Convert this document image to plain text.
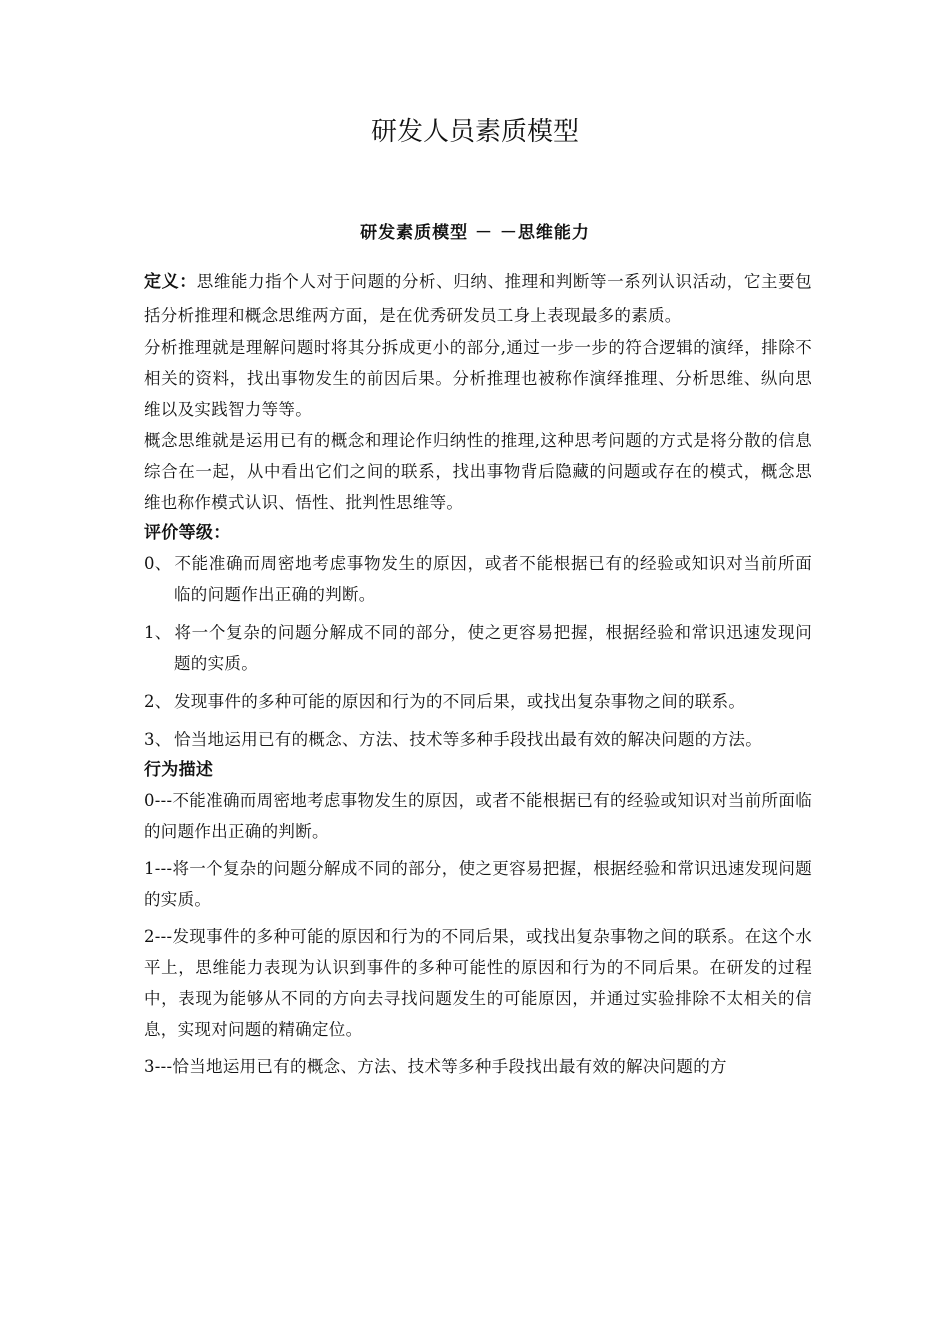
研发人员素质模型
研发素质模型 － －思维能力

定义：思维能力指个人对于问题的分析、归纳、推理和判断等一系列认识活动，它主要包括分析推理和概念思维两方面，是在优秀研发员工身上表现最多的素质。

分析推理就是理解问题时将其分拆成更小的部分,通过一步一步的符合逻辑的演绎，排除不相关的资料，找出事物发生的前因后果。分析推理也被称作演绎推理、分析思维、纵向思维以及实践智力等等。

概念思维就是运用已有的概念和理论作归纳性的推理,这种思考问题的方式是将分散的信息综合在一起，从中看出它们之间的联系，找出事物背后隐藏的问题或存在的模式，概念思维也称作模式认识、悟性、批判性思维等。

评价等级：

0、 不能准确而周密地考虑事物发生的原因，或者不能根据已有的经验或知识对当前所面临的问题作出正确的判断。

1、 将一个复杂的问题分解成不同的部分，使之更容易把握，根据经验和常识迅速发现问题的实质。

2、 发现事件的多种可能的原因和行为的不同后果，或找出复杂事物之间的联系。

3、 恰当地运用已有的概念、方法、技术等多种手段找出最有效的解决问题的方法。

行为描述

0---不能准确而周密地考虑事物发生的原因，或者不能根据已有的经验或知识对当前所面临的问题作出正确的判断。

1---将一个复杂的问题分解成不同的部分，使之更容易把握，根据经验和常识迅速发现问题的实质。

2---发现事件的多种可能的原因和行为的不同后果，或找出复杂事物之间的联系。在这个水平上，思维能力表现为认识到事件的多种可能性的原因和行为的不同后果。在研发的过程中，表现为能够从不同的方向去寻找问题发生的可能原因，并通过实验排除不太相关的信息，实现对问题的精确定位。

3---恰当地运用已有的概念、方法、技术等多种手段找出最有效的解决问题的方
